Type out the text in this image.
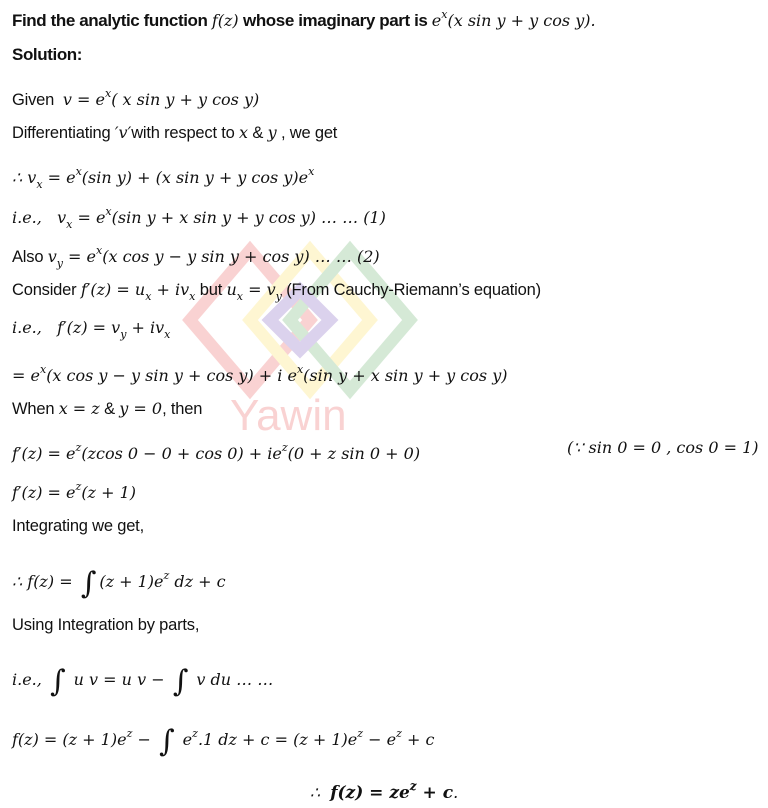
Yawin
Find the analytic function f(z) whose imaginary part is $e^x(x$ sin y + y cos y).
Solution:
Given  $v = e^x$( x sin y + y cos y)
Differentiating ′v′with respect to x & y , we get
∴ $v_x = e^x(\sin$ y) + (x sin y + y $\cos y)e^x$
i.e.,   $v_x = e^x(\sin$ y + x sin y + y cos y) … … (1)
Also $v_y = e^x(x$ cos y − y sin y + cos y) … … (2)
Consider $f'(z) = u_x + iv_x$ but $u_x = v_y$ (From Cauchy-Riemann’s equation)
i.e.,   $f'(z) = v_y + iv_x$
= $e^x(x$ cos y − y sin y + cos y) + i $e^x(\sin$ y + x sin y + y cos y)
When x = z & y = 0, then
$f'(z) = e^z(zcos$ $0 - 0 + \cos 0) + ie^z(0 + z$ sin 0 + 0)	(∵ sin 0 = 0 , cos 0 = 1)
$f'(z) = e^z(z + 1)$
Integrating we get,
∴ f(z) = ∫ $(z + 1)e^z$ dz + c
Using Integration by parts,
i.e., ∫ u v = u v − ∫ v du … …
$f(z) = (z + 1)e^z$ − ∫ $e^z.1$ dz + $c = (z + 1)e^z - e^z + c$
∴  $f(z) = ze^z + c$.
